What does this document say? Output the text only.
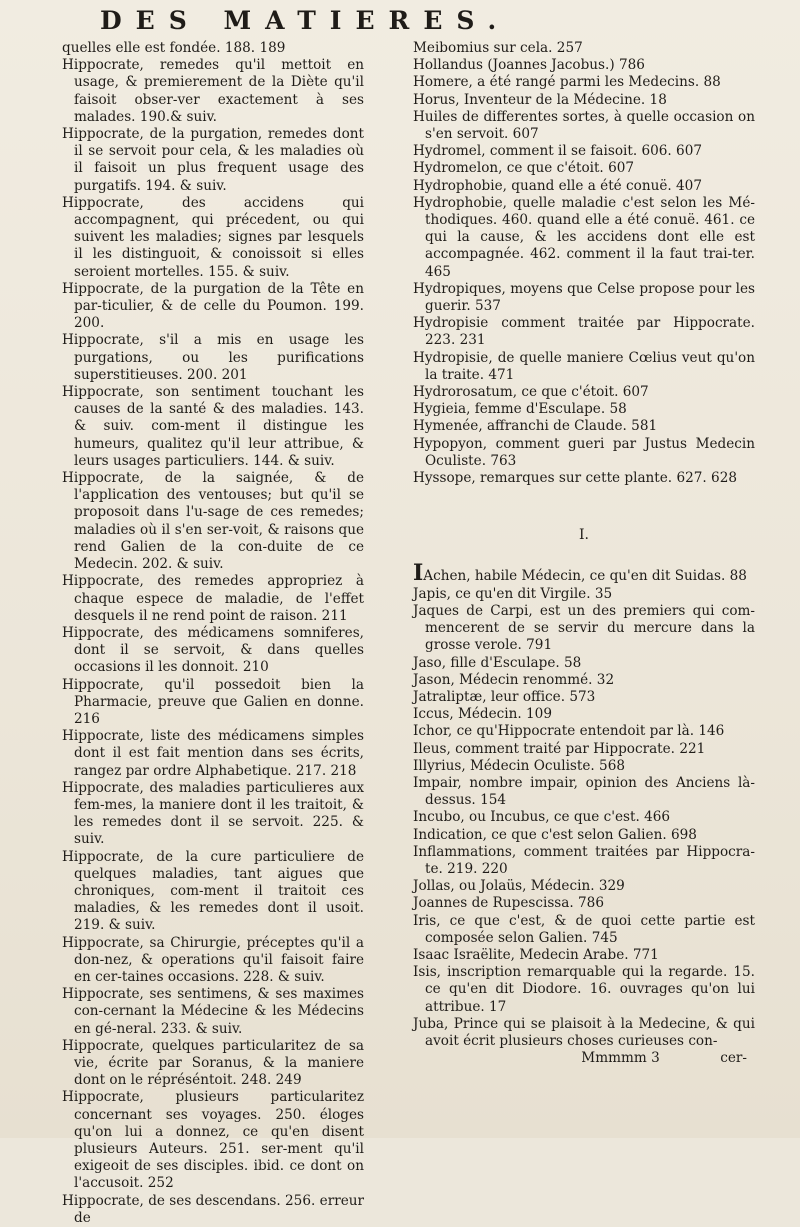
DES MATIERES.
quelles elle est fondée. 188. 189
Hippocrate, remedes qu'il mettoit en usage, & premierement de la Diète qu'il faisoit obser-ver exactement à ses malades. 190.& suiv.
Hippocrate, de la purgation, remedes dont il se servoit pour cela, & les maladies où il faisoit un plus frequent usage des purgatifs. 194. & suiv.
Hippocrate, des accidens qui accompagnent, qui précedent, ou qui suivent les maladies; signes par lesquels il les distinguoit, & conoissoit si elles seroient mortelles. 155. & suiv.
Hippocrate, de la purgation de la Tête en par-ticulier, & de celle du Poumon. 199. 200.
Hippocrate, s'il a mis en usage les purgations, ou les purifications superstitieuses. 200. 201
Hippocrate, son sentiment touchant les causes de la santé & des maladies. 143. & suiv. com-ment il distingue les humeurs, qualitez qu'il leur attribue, & leurs usages particuliers. 144. & suiv.
Hippocrate, de la saignée, & de l'application des ventouses; but qu'il se proposoit dans l'u-sage de ces remedes; maladies où il s'en ser-voit, & raisons que rend Galien de la con-duite de ce Medecin. 202. & suiv.
Hippocrate, des remedes appropriez à chaque espece de maladie, de l'effet desquels il ne rend point de raison. 211
Hippocrate, des médicamens somniferes, dont il se servoit, & dans quelles occasions il les donnoit. 210
Hippocrate, qu'il possedoit bien la Pharmacie, preuve que Galien en donne. 216
Hippocrate, liste des médicamens simples dont il est fait mention dans ses écrits, rangez par ordre Alphabetique. 217. 218
Hippocrate, des maladies particulieres aux fem-mes, la maniere dont il les traitoit, & les remedes dont il se servoit. 225. & suiv.
Hippocrate, de la cure particuliere de quelques maladies, tant aigues que chroniques, com-ment il traitoit ces maladies, & les remedes dont il usoit. 219. & suiv.
Hippocrate, sa Chirurgie, préceptes qu'il a don-nez, & operations qu'il faisoit faire en cer-taines occasions. 228. & suiv.
Hippocrate, ses sentimens, & ses maximes con-cernant la Médecine & les Médecins en gé-neral. 233. & suiv.
Hippocrate, quelques particularitez de sa vie, écrite par Soranus, & la maniere dont on le répréséntoit. 248. 249
Hippocrate, plusieurs particularitez concernant ses voyages. 250. éloges qu'on lui a donnez, ce qu'en disent plusieurs Auteurs. 251. ser-ment qu'il exigeoit de ses disciples. ibid. ce dont on l'accusoit. 252
Hippocrate, de ses descendans. 256. erreur de
Meibomius sur cela. 257
Hollandus (Joannes Jacobus.) 786
Homere, a été rangé parmi les Medecins. 88
Horus, Inventeur de la Médecine. 18
Huiles de differentes sortes, à quelle occasion on s'en servoit. 607
Hydromel, comment il se faisoit. 606. 607
Hydromelon, ce que c'étoit. 607
Hydrophobie, quand elle a été conuë. 407
Hydrophobie, quelle maladie c'est selon les Mé-thodiques. 460. quand elle a été conuë. 461. ce qui la cause, & les accidens dont elle est accompagnée. 462. comment il la faut trai-ter. 465
Hydropiques, moyens que Celse propose pour les guerir. 537
Hydropisie comment traitée par Hippocrate. 223. 231
Hydropisie, de quelle maniere Cœlius veut qu'on la traite. 471
Hydrorosatum, ce que c'étoit. 607
Hygieia, femme d'Esculape. 58
Hymenée, affranchi de Claude. 581
Hypopyon, comment gueri par Justus Medecin Oculiste. 763
Hyssope, remarques sur cette plante. 627. 628
I.
IAchen, habile Médecin, ce qu'en dit Suidas. 88
Japis, ce qu'en dit Virgile. 35
Jaques de Carpi, est un des premiers qui com-mencerent de se servir du mercure dans la grosse verole. 791
Jaso, fille d'Esculape. 58
Jason, Médecin renommé. 32
Jatraliptæ, leur office. 573
Iccus, Médecin. 109
Ichor, ce qu'Hippocrate entendoit par là. 146
Ileus, comment traité par Hippocrate. 221
Illyrius, Médecin Oculiste. 568
Impair, nombre impair, opinion des Anciens là-dessus. 154
Incubo, ou Incubus, ce que c'est. 466
Indication, ce que c'est selon Galien. 698
Inflammations, comment traitées par Hippocra-te. 219. 220
Jollas, ou Jolaüs, Médecin. 329
Joannes de Rupescissa. 786
Iris, ce que c'est, & de quoi cette partie est composée selon Galien. 745
Isaac Israëlite, Medecin Arabe. 771
Isis, inscription remarquable qui la regarde. 15. ce qu'en dit Diodore. 16. ouvrages qu'on lui attribue. 17
Juba, Prince qui se plaisoit à la Medecine, & qui avoit écrit plusieurs choses curieuses con-
Mmmmm 3	cer-
